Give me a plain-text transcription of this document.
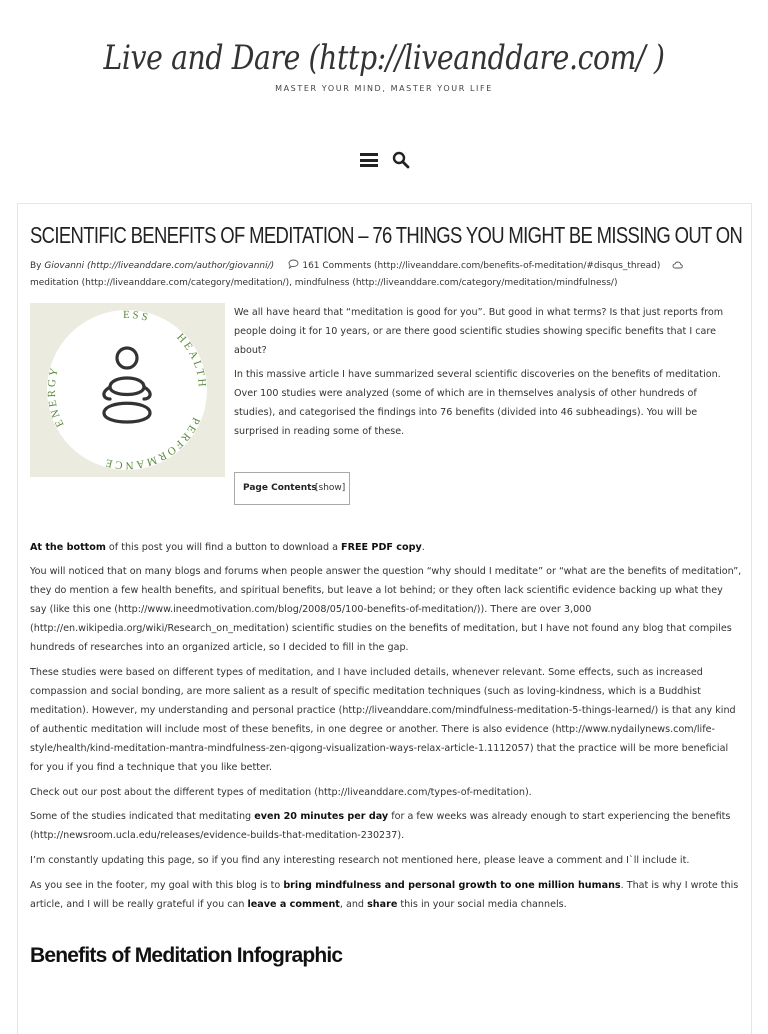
Live and Dare (http://liveanddare.com/ )
MASTER YOUR MIND, MASTER YOUR LIFE
SCIENTIFIC BENEFITS OF MEDITATION – 76 THINGS YOU MIGHT BE MISSING OUT ON
By Giovanni (http://liveanddare.com/author/giovanni/)	161 Comments (http://liveanddare.com/benefits-of-meditation/#disqus_thread)
meditation (http://liveanddare.com/category/meditation/), mindfulness (http://liveanddare.com/category/meditation/mindfulness/)
ESS
HEALTH
PERFORMANCE
ENERGY

We all have heard that “meditation is good for you”. But good in what terms? Is that just reports from people doing it for 10 years, or are there good scientific studies showing specific benefits that I care about?

In this massive article I have summarized several scientific discoveries on the benefits of meditation. Over 100 studies were analyzed (some of which are in themselves analysis of other hundreds of studies), and categorised the findings into 76 benefits (divided into 46 subheadings). You will be surprised in reading some of these.

Page Contents
[show]

At the bottom of this post you will find a button to download a FREE PDF copy.

You will noticed that on many blogs and forums when people answer the question “why should I meditate” or “what are the benefits of meditation”, they do mention a few health benefits, and spiritual benefits, but leave a lot behind; or they often lack scientific evidence backing up what they say (like this one (http://www.ineedmotivation.com/blog/2008/05/100-benefits-of-meditation/)). There are over 3,000 (http://en.wikipedia.org/wiki/Research_on_meditation) scientific studies on the benefits of meditation, but I have not found any blog that compiles hundreds of researches into an organized article, so I decided to fill in the gap.

These studies were based on different types of meditation, and I have included details, whenever relevant. Some effects, such as increased compassion and social bonding, are more salient as a result of specific meditation techniques (such as loving-kindness, which is a Buddhist meditation). However, my understanding and personal practice (http://liveanddare.com/mindfulness-meditation-5-things-learned/) is that any kind of authentic meditation will include most of these benefits, in one degree or another. There is also evidence (http://www.nydailynews.com/life-style/health/kind-meditation-mantra-mindfulness-zen-qigong-visualization-ways-relax-article-1.1112057) that the practice will be more beneficial for you if you find a technique that you like better.

Check out our post about the different types of meditation (http://liveanddare.com/types-of-meditation).

Some of the studies indicated that meditating even 20 minutes per day for a few weeks was already enough to start experiencing the benefits (http://newsroom.ucla.edu/releases/evidence-builds-that-meditation-230237).

I’m constantly updating this page, so if you find any interesting research not mentioned here, please leave a comment and I`ll include it.

As you see in the footer, my goal with this blog is to bring mindfulness and personal growth to one million humans. That is why I wrote this article, and I will be really grateful if you can leave a comment, and share this in your social media channels.

Benefits of Meditation Infographic
